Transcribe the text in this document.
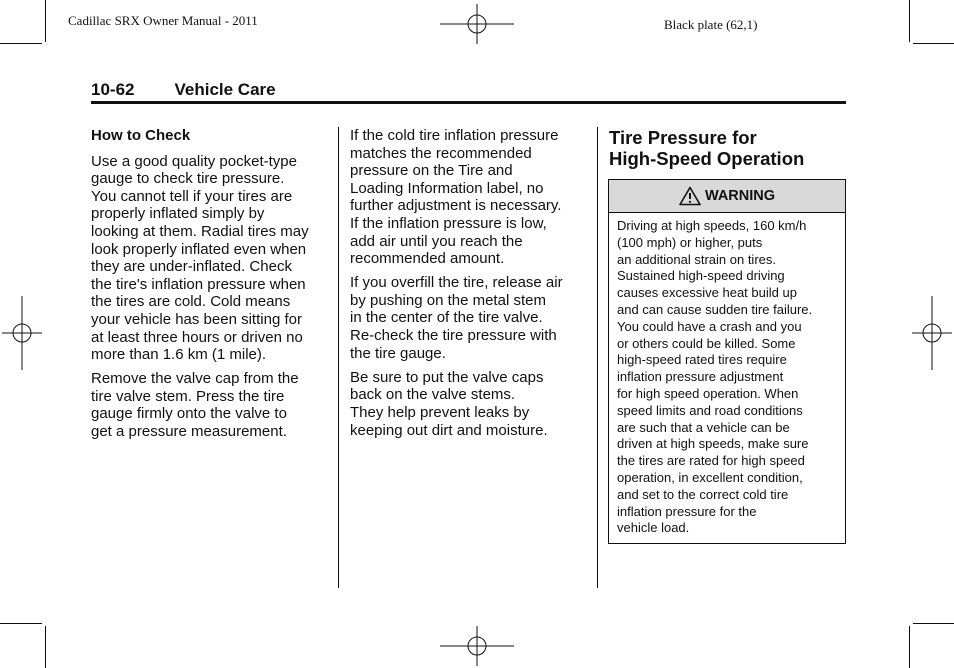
Cadillac SRX Owner Manual - 2011	Black plate (62,1)
10-62 Vehicle Care

How to Check

Use a good quality pocket-type
gauge to check tire pressure.
You cannot tell if your tires are
properly inflated simply by
looking at them. Radial tires may
look properly inflated even when
they are under-inflated. Check
the tire's inflation pressure when
the tires are cold. Cold means
your vehicle has been sitting for
at least three hours or driven no
more than 1.6 km (1 mile).

Remove the valve cap from the
tire valve stem. Press the tire
gauge firmly onto the valve to
get a pressure measurement.

If the cold tire inflation pressure
matches the recommended
pressure on the Tire and
Loading Information label, no
further adjustment is necessary.
If the inflation pressure is low,
add air until you reach the
recommended amount.

If you overfill the tire, release air
by pushing on the metal stem
in the center of the tire valve.
Re-check the tire pressure with
the tire gauge.

Be sure to put the valve caps
back on the valve stems.
They help prevent leaks by
keeping out dirt and moisture.

Tire Pressure for
High-Speed Operation
WARNING
Driving at high speeds, 160 km/h
(100 mph) or higher, puts
an additional strain on tires.
Sustained high-speed driving
causes excessive heat build up
and can cause sudden tire failure.
You could have a crash and you
or others could be killed. Some
high-speed rated tires require
inflation pressure adjustment
for high speed operation. When
speed limits and road conditions
are such that a vehicle can be
driven at high speeds, make sure
the tires are rated for high speed
operation, in excellent condition,
and set to the correct cold tire
inflation pressure for the
vehicle load.
